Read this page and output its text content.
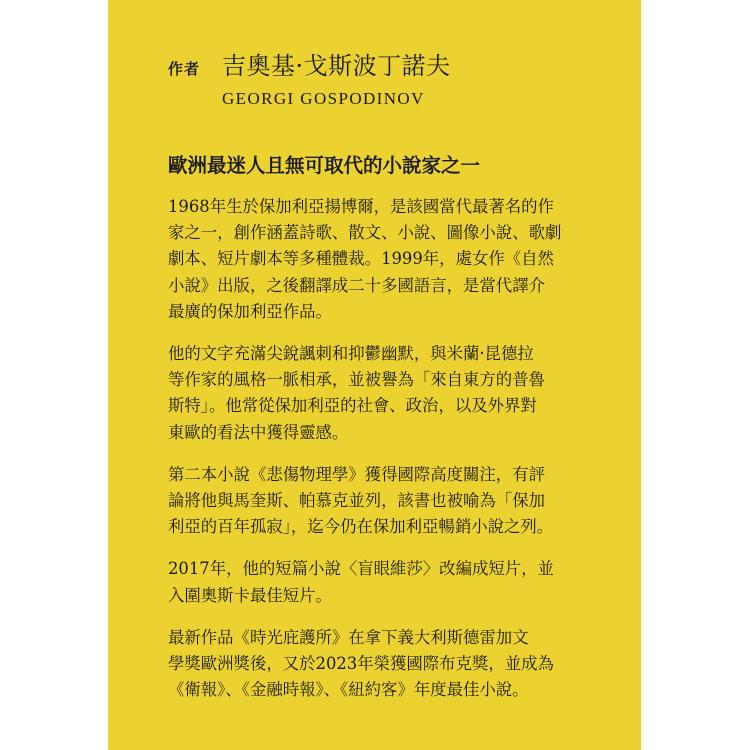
作者 吉奧基·戈斯波丁諾夫
GEORGI GOSPODINOV
歐洲最迷人且無可取代的小說家之一

1968年生於保加利亞揚博爾，是該國當代最著名的作
家之一，創作涵蓋詩歌、散文、小說、圖像小說、歌劇
劇本、短片劇本等多種體裁。1999年，處女作《自然
小說》出版，之後翻譯成二十多國語言，是當代譯介
最廣的保加利亞作品。

他的文字充滿尖銳諷刺和抑鬱幽默，與米蘭·昆德拉
等作家的風格一脈相承，並被譽為「來自東方的普魯
斯特」。他常從保加利亞的社會、政治，以及外界對
東歐的看法中獲得靈感。

第二本小說《悲傷物理學》獲得國際高度關注，有評
論將他與馬奎斯、帕慕克並列，該書也被喻為「保加
利亞的百年孤寂」，迄今仍在保加利亞暢銷小說之列。

2017年，他的短篇小說〈盲眼維莎〉改編成短片，並
入圍奧斯卡最佳短片。

最新作品《時光庇護所》在拿下義大利斯德雷加文
學獎歐洲獎後，又於2023年榮獲國際布克獎，並成為
《衛報》、《金融時報》、《紐約客》年度最佳小說。
